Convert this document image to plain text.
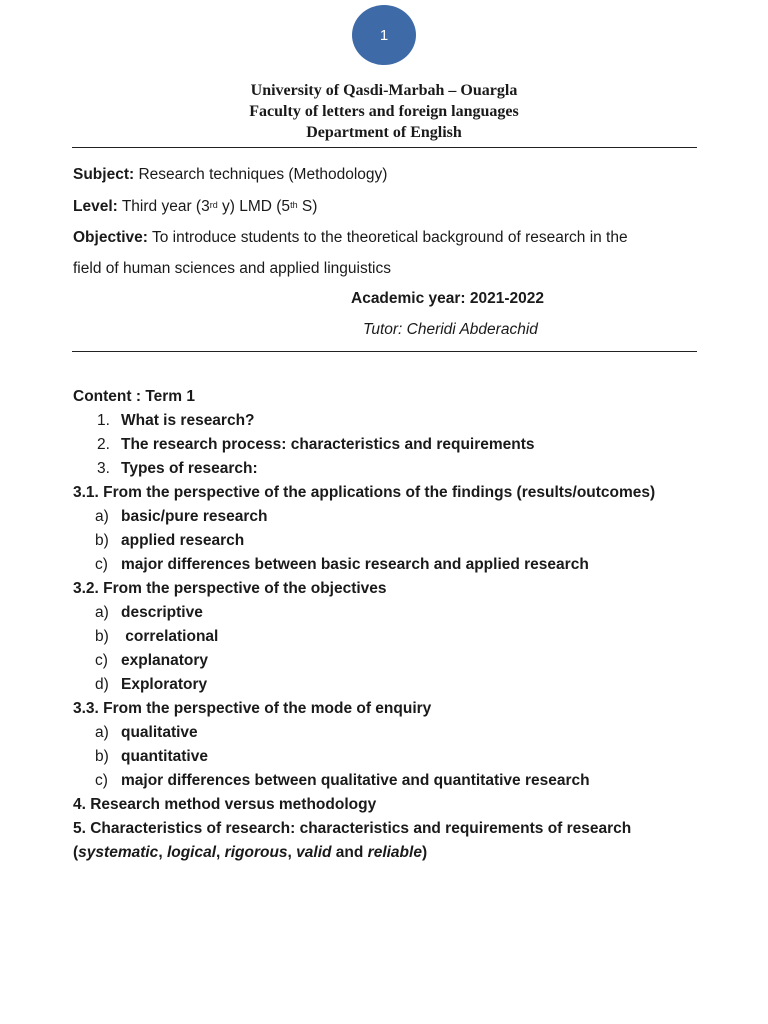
1
University of Qasdi-Marbah – Ouargla
Faculty of letters and foreign languages
Department of English
Subject: Research techniques (Methodology)
Level: Third year (3rd y) LMD (5th S)
Objective: To introduce students to the theoretical background of research in the
field of human sciences and applied linguistics
Academic year: 2021-2022
Tutor: Cheridi Abderachid
Content : Term 1
1. What is research?
2. The research process: characteristics and requirements
3. Types of research:
3.1. From the perspective of the applications of the findings (results/outcomes)
a) basic/pure research
b) applied research
c) major differences between basic research and applied research
3.2. From the perspective of the objectives
a) descriptive
b) correlational
c) explanatory
d) Exploratory
3.3. From the perspective of the mode of enquiry
a) qualitative
b) quantitative
c) major differences between qualitative and quantitative research
4. Research method versus methodology
5. Characteristics of research: characteristics and requirements of research
( systematic , logical , rigorous , valid and reliable )
